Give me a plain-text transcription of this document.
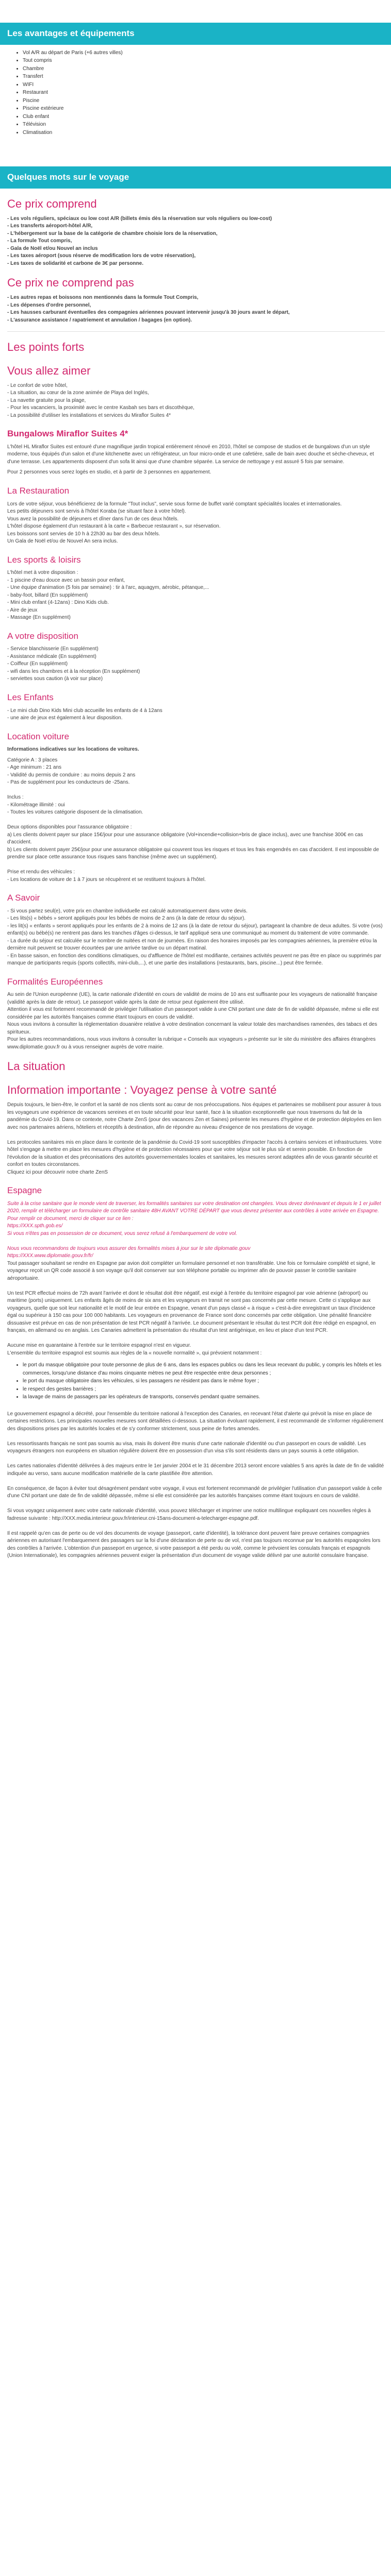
Les avantages et équipements
• Vol A/R au départ de Paris (+6 autres villes)
• Tout compris
• Chambre
• Transfert
• WIFI
• Restaurant
• Piscine
• Piscine extérieure
• Club enfant
• Télévision
• Climatisation
Quelques mots sur le voyage
Ce prix comprend
- Les vols réguliers, spéciaux ou low cost A/R (billets émis dès la réservation sur vols réguliers ou low-cost)
- Les transferts aéroport-hôtel A/R,
- L'hébergement sur la base de la catégorie de chambre choisie lors de la réservation,
- La formule Tout compris,
- Gala de Noël et/ou Nouvel an inclus
- Les taxes aéroport (sous réserve de modification lors de votre réservation),
- Les taxes de solidarité et carbone de 3€ par personne.
Ce prix ne comprend pas
- Les autres repas et boissons non mentionnés dans la formule Tout Compris,
- Les dépenses d'ordre personnel,
- Les hausses carburant éventuelles des compagnies aériennes pouvant intervenir jusqu'à 30 jours avant le départ,
- L'assurance assistance / rapatriement et annulation / bagages (en option).
Les points forts
Vous allez aimer
- Le confort de votre hôtel,
- La situation, au cœur de la zone animée de Playa del Inglés,
- La navette gratuite pour la plage,
- Pour les vacanciers, la proximité avec le centre Kasbah ses bars et discothèque,
- La possibilité d'utiliser les installations et services du Miraflor Suites 4*
Bungalows Miraflor Suites 4*

L'hôtel HL Miraflor Suites est entouré d'une magnifique jardin tropical entièrement rénové en 2010, l'hôtel se compose de studios et de bungalows d'un un style moderne, tous équipés d'un salon et d'une kitchenette avec un réfrigérateur, un four micro-onde et une cafetière, salle de bain avec douche et sèche-cheveux, et d'une terrasse. Les appartements disposent d'un sofa lit ainsi que d'une chambre séparée. La service de nettoyage y est assuré 5 fois par semaine.

Pour 2 personnes vous serez logés en studio, et à partir de 3 personnes en appartement.

La Restauration
Lors de votre séjour, vous bénéficierez de la formule "Tout inclus", servie sous forme de buffet varié comptant spécialités locales et internationales.
Les petits déjeuners sont servis à l'hôtel Koraba (se situant face à votre hôtel).
Vous avez la possibilité de déjeuners et dîner dans l'un de ces deux hôtels.
L'hôtel dispose également d'un restaurant à la carte « Barbecue restaurant », sur réservation.
Les boissons sont servies de 10 h à 22h30 au bar des deux hôtels.
Un Gala de Noël et/ou de Nouvel An sera inclus.
Les sports & loisirs
L'hôtel met à votre disposition :
- 1 piscine d'eau douce avec un bassin pour enfant,
- Une équipe d'animation (5 fois par semaine) : tir à l'arc, aquagym, aérobic, pétanque,...
- baby-foot, billard (En supplément)
- Mini club enfant (4-12ans) : Dino Kids club.
- Aire de jeux
- Massage (En supplément)
A votre disposition
- Service blanchisserie (En supplément)
- Assistance médicale (En supplément)
- Coiffeur (En supplément)
- wifi dans les chambres et à la réception (En supplément)
- serviettes sous caution (à voir sur place)
Les Enfants
- Le mini club Dino Kids Mini club accueille les enfants de 4 à 12ans
- une aire de jeux est également à leur disposition.
Location voiture

Informations indicatives sur les locations de voitures.

Catégorie A : 3 places
- Age minimum : 21 ans
- Validité du permis de conduire : au moins depuis 2 ans
- Pas de supplément pour les conducteurs de -25ans.

Inclus :
- Kilométrage illimité : oui
- Toutes les voitures catégorie disposent de la climatisation.

Deux options disponibles pour l'assurance obligatoire :
a) Les clients doivent payer sur place 15€/jour pour une assurance obligatoire (Vol+incendie+collision+bris de glace inclus), avec une franchise 300€ en cas d'accident.
b) Les clients doivent payer 25€/jour pour une assurance obligatoire qui couvrent tous les risques et tous les frais engendrés en cas d'accident. Il est impossible de prendre sur place cette assurance tous risques sans franchise (même avec un supplément).

Prise et rendu des véhicules :
- Les locations de voiture de 1 à 7 jours se récupèrent et se restituent toujours à l'hôtel.
A Savoir
- Si vous partez seul(e), votre prix en chambre individuelle est calculé automatiquement dans votre devis.
- Les lits(s) « bébés » seront appliqués pour les bébés de moins de 2 ans (à la date de retour du séjour).
- les lit(s) « enfants » seront appliqués pour les enfants de 2 à moins de 12 ans (à la date de retour du séjour), partageant la chambre de deux adultes. Si votre (vos) enfant(s) ou bébé(s) ne rentrent pas dans les tranches d'âges ci-dessus, le tarif appliqué sera une communiqué au moment du traitement de votre commande.
- La durée du séjour est calculée sur le nombre de nuitées et non de journées. En raison des horaires imposés par les compagnies aériennes, la première et/ou la dernière nuit peuvent se trouver écourtées par une arrivée tardive ou un départ matinal.
- En basse saison, en fonction des conditions climatiques, ou d'affluence de l'hôtel est modifiante, certaines activités peuvent ne pas être en place ou supprimés par manque de participants requis (sports collectifs, mini-club,...), et une partie des installations (restaurants, bars, piscine...) peut être fermée.
Formalités Européennes
Au sein de l'Union européenne (UE), la carte nationale d'identité en cours de validité de moins de 10 ans est suffisante pour les voyageurs de nationalité française (validité après la date de retour). Le passeport valide après la date de retour peut également être utilisé.
Attention il vous est fortement recommandé de privilégier l'utilisation d'un passeport valide à une CNI portant une date de fin de validité dépassée, même si elle est considérée par les autorités françaises comme étant toujours en cours de validité.
Nous vous invitons à consulter la réglementation douanière relative à votre destination concernant la valeur totale des marchandises ramenées, des tabacs et des spiritueux.
Pour les autres recommandations, nous vous invitons à consulter la rubrique « Conseils aux voyageurs » présente sur le site du ministère des affaires étrangères www.diplomatie.gouv.fr ou à vous renseigner auprès de votre mairie.
La situation
Information importante : Voyagez pense à votre santé
Depuis toujours, le bien-être, le confort et la santé de nos clients sont au cœur de nos préoccupations. Nos équipes et partenaires se mobilisent pour assurer à tous les voyageurs une expérience de vacances sereines et en toute sécurité pour leur santé, face à la situation exceptionnelle que nous traversons du fait de la pandémie du Covid-19. Dans ce contexte, notre Charte ZenS (pour des vacances Zen et Saines) présente les mesures d'hygiène et de protection déployées en lien avec nos partenaires aériens, hôteliers et réceptifs à destination, afin de répondre au niveau d'exigence de nos prestations de voyage.

Les protocoles sanitaires mis en place dans le contexte de la pandémie du Covid-19 sont susceptibles d'impacter l'accès à certains services et infrastructures. Votre hôtel s'engage à mettre en place les mesures d'hygiène et de protection nécessaires pour que votre séjour soit le plus sûr et serein possible. En fonction de l'évolution de la situation et des préconisations des autorités gouvernementales locales et sanitaires, les mesures seront adaptées afin de vous garantir sécurité et confort en toutes circonstances.
Cliquez ici pour découvrir notre charte ZenS
Espagne
Suite à la crise sanitaire que le monde vient de traverser, les formalités sanitaires sur votre destination ont changées. Vous devez dorénavant et depuis le 1 er juillet 2020, remplir et télécharger un formulaire de contrôle sanitaire 48H AVANT VOTRE DÉPART que vous devrez présenter aux contrôles à votre arrivée en Espagne.
Pour remplir ce document, merci de cliquer sur ce lien :
https://XXX.spth.gob.es/
Si vous n'êtes pas en possession de ce document, vous serez refusé à l'embarquement de votre vol.

Nous vous recommandons de toujours vous assurer des formalités mises à jour sur le site diplomatie.gouv
https://XXX.www.diplomatie.gouv.fr/fr/
Tout passager souhaitant se rendre en Espagne par avion doit compléter un formulaire personnel et non transférable. Une fois ce formulaire complété et signé, le voyageur reçoit un QR code associé à son voyage qu'il doit conserver sur son téléphone portable ou imprimer afin de pouvoir passer le contrôle sanitaire aéroportuaire.

Un test PCR effectué moins de 72h avant l'arrivée et dont le résultat doit être négatif, est exigé à l'entrée du territoire espagnol par voie aérienne (aéroport) ou maritime (ports) uniquement. Les enfants âgés de moins de six ans et les voyageurs en transit ne sont pas concernés par cette mesure. Cette ci s'applique aux voyageurs, quelle que soit leur nationalité et le motif de leur entrée en Espagne, venant d'un pays classé « à risque » c'est-à-dire enregistrant un taux d'incidence égal ou supérieur à 150 cas pour 100 000 habitants. Les voyageurs en provenance de France sont donc concernés par cette obligation. Une pénalité financière dissuasive est prévue en cas de non présentation de test PCR négatif à l'arrivée. Le document présentant le résultat du test PCR doit être rédigé en espagnol, en français, en allemand ou en anglais. Les Canaries admettent la présentation du résultat d'un test antigénique, en lieu et place d'un test PCR.

Aucune mise en quarantaine à l'entrée sur le territoire espagnol n'est en vigueur.
L'ensemble du territoire espagnol est soumis aux règles de la « nouvelle normalité », qui prévoient notamment :
• le port du masque obligatoire pour toute personne de plus de 6 ans, dans les espaces publics ou dans les lieux recevant du public, y compris les hôtels et les commerces, lorsqu'une distance d'au moins cinquante mètres ne peut être respectée entre deux personnes ;
• le port du masque obligatoire dans les véhicules, si les passagers ne résident pas dans le même foyer ;
• le respect des gestes barrières ;
• la lavage de mains de passagers par les opérateurs de transports, conservés pendant quatre semaines.
Le gouvernement espagnol a décrété, pour l'ensemble du territoire national à l'exception des Canaries, en recevant l'état d'alerte qui prévoit la mise en place de certaines restrictions. Les principales nouvelles mesures sont détaillées ci-dessous. La situation évoluant rapidement, il est recommandé de s'informer régulièrement des dispositions prises par les autorités locales et de s'y conformer strictement, sous peine de fortes amendes.

Les ressortissants français ne sont pas soumis au visa, mais ils doivent être munis d'une carte nationale d'identité ou d'un passeport en cours de validité. Les voyageurs étrangers non européens en situation régulière doivent être en possession d'un visa s'ils sont résidents dans un pays soumis à cette obligation.

Les cartes nationales d'identité délivrées à des majeurs entre le 1er janvier 2004 et le 31 décembre 2013 seront encore valables 5 ans après la date de fin de validité indiquée au verso, sans aucune modification matérielle de la carte plastifiée être attention.

En conséquence, de façon à éviter tout désagrément pendant votre voyage, il vous est fortement recommandé de privilégier l'utilisation d'un passeport valide à celle d'une CNI portant une date de fin de validité dépassée, même si elle est considérée par les autorités françaises comme étant toujours en cours de validité.

Si vous voyagez uniquement avec votre carte nationale d'identité, vous pouvez télécharger et imprimer une notice multilingue expliquant ces nouvelles règles à fadresse suivante : http://XXX.media.interieur.gouv.fr/interieur.cni-15ans-document-a-telecharger-espagne.pdf.

Il est rappelé qu'en cas de perte ou de vol des documents de voyage (passeport, carte d'identité), la tolérance dont peuvent faire preuve certaines compagnies aériennes en autorisant l'embarquement des passagers sur la foi d'une déclaration de perte ou de vol, n'est pas toujours reconnue par les autorités espagnoles lors des contrôles à l'arrivée. L'obtention d'un passeport en urgence, si votre passeport a été perdu ou volé, comme le prévoient les consulats français et espagnols (Union Internationale), les compagnies aériennes peuvent exiger la présentation d'un document de voyage valide délivré par une autorité consulaire française.
